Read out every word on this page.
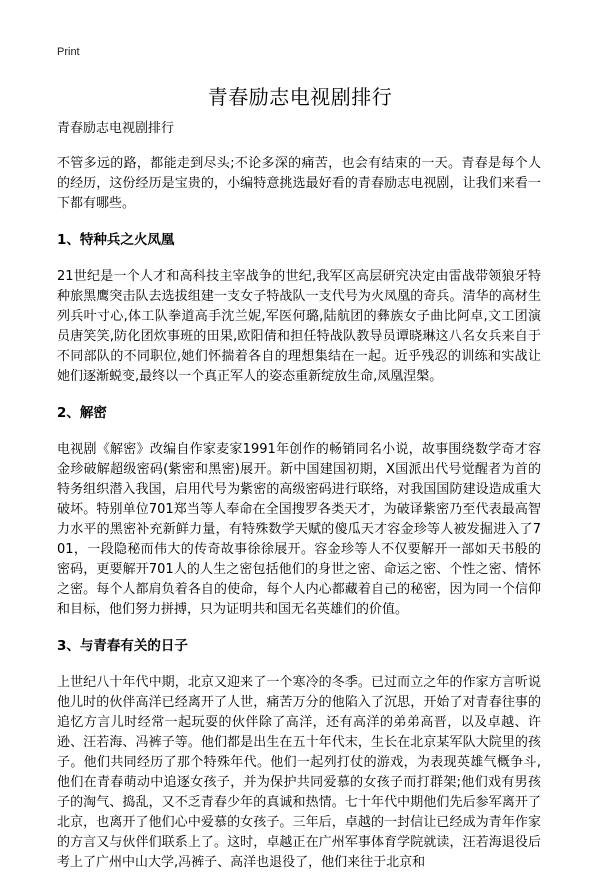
Print
青春励志电视剧排行

青春励志电视剧排行

不管多远的路，都能走到尽头;不论多深的痛苦，也会有结束的一天。青春是每个人的经历，这份经历是宝贵的，小编特意挑选最好看的青春励志电视剧，让我们来看一下都有哪些。

1、特种兵之火凤凰

21世纪是一个人才和高科技主宰战争的世纪,我军区高层研究决定由雷战带领狼牙特种旅黑鹰突击队去选拔组建一支女子特战队一支代号为火凤凰的奇兵。清华的高材生列兵叶寸心,体工队拳道高手沈兰妮,军医何璐,陆航团的彝族女子曲比阿卓,文工团演员唐笑笑,防化团炊事班的田果,欧阳倩和担任特战队教导员谭晓琳这八名女兵来自于不同部队的不同职位,她们怀揣着各自的理想集结在一起。近乎残忍的训练和实战让她们逐渐蜕变,最终以一个真正军人的姿态重新绽放生命,凤凰涅槃。

2、解密

电视剧《解密》改编自作家麦家1991年创作的畅销同名小说，故事围绕数学奇才容金珍破解超级密码(紫密和黑密)展开。新中国建国初期，X国派出代号觉醒者为首的特务组织潜入我国，启用代号为紫密的高级密码进行联络，对我国国防建设造成重大破坏。特别单位701郑当等人奉命在全国搜罗各类天才，为破译紫密乃至代表最高智力水平的黑密补充新鲜力量，有特殊数学天赋的傻瓜天才容金珍等人被发掘进入了701，一段隐秘而伟大的传奇故事徐徐展开。容金珍等人不仅要解开一部如天书般的密码，更要解开701人的人生之密包括他们的身世之密、命运之密、个性之密、情怀之密。每个人都肩负着各自的使命，每个人内心都藏着自己的秘密，因为同一个信仰和目标，他们努力拼搏，只为证明共和国无名英雄们的价值。

3、与青春有关的日子

上世纪八十年代中期，北京又迎来了一个寒冷的冬季。已过而立之年的作家方言听说他儿时的伙伴高洋已经离开了人世，痛苦万分的他陷入了沉思，开始了对青春往事的追忆方言儿时经常一起玩耍的伙伴除了高洋，还有高洋的弟弟高晋，以及卓越、许逊、汪若海、冯裤子等。他们都是出生在五十年代末，生长在北京某军队大院里的孩子。他们共同经历了那个特殊年代。他们一起列打仗的游戏，为表现英雄气概争斗,他们在青春萌动中追逐女孩子，并为保护共同爱慕的女孩子而打群架;他们戏有男孩子的淘气、捣乱，又不乏青春少年的真诚和热情。七十年代中期他们先后参军离开了北京，也离开了他们心中爱慕的女孩子。三年后，卓越的一封信让已经成为青年作家的方言又与伙伴们联系上了。这时，卓越正在广州军事体育学院就读，汪若海退役后考上了广州中山大学,冯裤子、高洋也退役了，他们来往于北京和
